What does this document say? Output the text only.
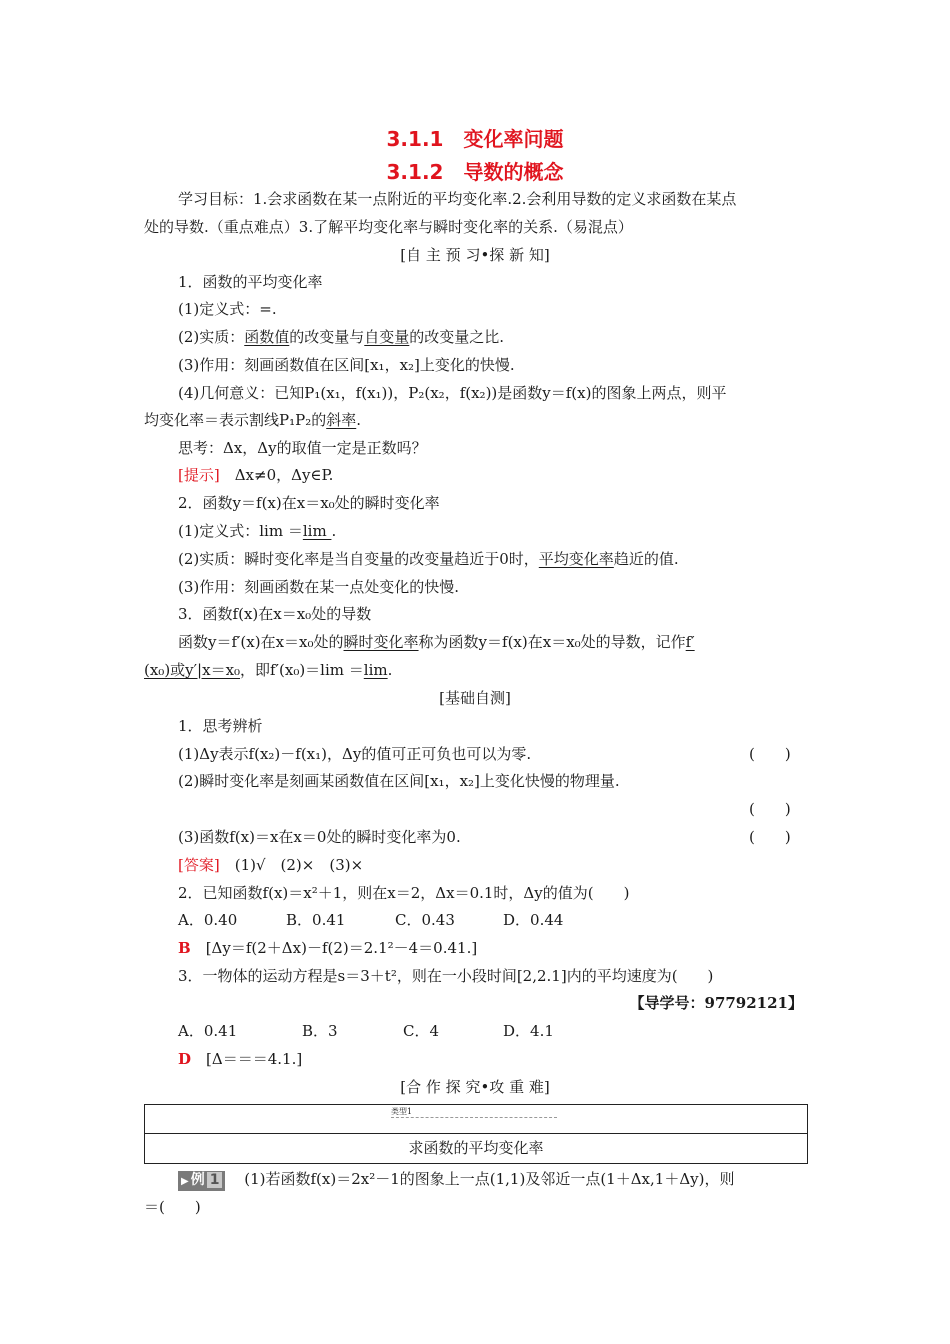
3.1.1　变化率问题
3.1.2　导数的概念
学习目标：1.会求函数在某一点附近的平均变化率.2.会利用导数的定义求函数在某点
处的导数.（重点难点）3.了解平均变化率与瞬时变化率的关系.（易混点）
[自 主 预 习•探 新 知]
1．函数的平均变化率
(1)定义式：=.
(2)实质：函数值的改变量与自变量的改变量之比.
(3)作用：刻画函数值在区间[x₁，x₂]上变化的快慢.
(4)几何意义：已知P₁(x₁，f(x₁))，P₂(x₂，f(x₂))是函数y＝f(x)的图象上两点，则平
均变化率＝表示割线P₁P₂的斜率.
思考：Δx，Δy的取值一定是正数吗？
[提示]　Δx≠0，Δy∈P.
2．函数y＝f(x)在x＝x₀处的瞬时变化率
(1)定义式：lim ＝lim .
(2)实质：瞬时变化率是当自变量的改变量趋近于0时，平均变化率趋近的值.
(3)作用：刻画函数在某一点处变化的快慢.
3．函数f(x)在x＝x₀处的导数
函数y＝f′(x)在x＝x₀处的瞬时变化率称为函数y＝f(x)在x＝x₀处的导数，记作f′
(x₀)或y′|x＝x₀，即f′(x₀)＝lim ＝lim.
[基础自测]
1．思考辨析
(1)Δy表示f(x₂)－f(x₁)，Δy的值可正可负也可以为零.	(　　)
(2)瞬时变化率是刻画某函数值在区间[x₁，x₂]上变化快慢的物理量.
(　　)
(3)函数f(x)＝x在x＝0处的瞬时变化率为0.	(　　)
[答案]　(1)√　(2)×　(3)×
2．已知函数f(x)＝x²＋1，则在x＝2，Δx＝0.1时，Δy的值为(　　)
A．0.40	B．0.41	C．0.43	D．0.44
B　 [Δy＝f(2＋Δx)－f(2)＝2.1²－4＝0.41.]
3．一物体的运动方程是s＝3＋t²，则在一小段时间[2,2.1]内的平均速度为(　　)
【导学号：97792121】
A．0.41	B．3	C．4	D．4.1
D　 [Δ＝＝＝4.1.]
[合 作 探 究•攻 重 难]
类型1
求函数的平均变化率
▶ 例 1 (1)若函数f(x)＝2x²－1的图象上一点(1,1)及邻近一点(1＋Δx,1＋Δy)，则
＝(　　)
